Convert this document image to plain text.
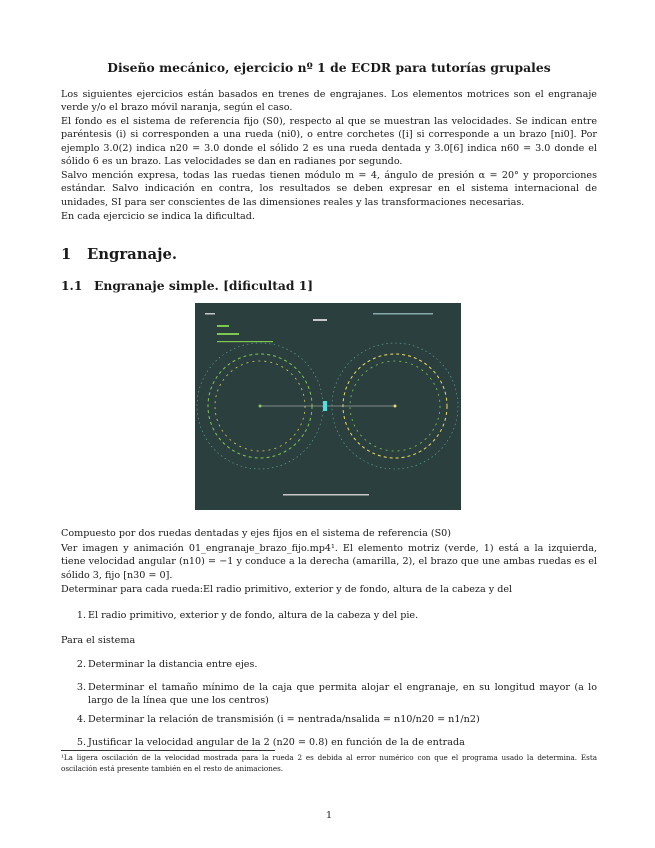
Diseño mecánico, ejercicio nº 1 de ECDR para tutorías grupales

Los siguientes ejercicios están basados en trenes de engrajanes. Los elementos motrices son el engranaje verde y/o el brazo móvil naranja, según el caso.

El fondo es el sistema de referencia fijo (S0), respecto al que se muestran las velocidades. Se indican entre paréntesis (i) si corresponden a una rueda (ni0), o entre corchetes ([i] si corresponde a un brazo [ni0]. Por ejemplo 3.0(2) indica n20 = 3.0 donde el sólido 2 es una rueda dentada y 3.0[6] indica n60 = 3.0 donde el sólido 6 es un brazo. Las velocidades se dan en radianes por segundo.

Salvo mención expresa, todas las ruedas tienen módulo m = 4, ángulo de presión α = 20° y proporciones estándar. Salvo indicación en contra, los resultados se deben expresar en el sistema internacional de unidades, SI para ser conscientes de las dimensiones reales y las transformaciones necesarias.

En cada ejercicio se indica la dificultad.

1 Engranaje.
1.1 Engranaje simple. [dificultad 1]

Compuesto por dos ruedas dentadas y ejes fijos en el sistema de referencia (S0)

Ver imagen y animación 01_engranaje_brazo_fijo.mp4¹. El elemento motriz (verde, 1) está a la izquierda, tiene velocidad angular (n10) = −1 y conduce a la derecha (amarilla, 2), el brazo que une ambas ruedas es el sólido 3, fijo [n30 = 0].

Determinar para cada rueda:El radio primitivo, exterior y de fondo, altura de la cabeza y del

1. El radio primitivo, exterior y de fondo, altura de la cabeza y del pie.

Para el sistema

2. Determinar la distancia entre ejes.
3. Determinar el tamaño mínimo de la caja que permita alojar el engranaje, en su longitud mayor (a lo largo de la línea que une los centros)
4. Determinar la relación de transmisión (i = nentrada/nsalida = n10/n20 = n1/n2)
5. Justificar la velocidad angular de la 2 (n20 = 0.8) en función de la de entrada
¹La ligera oscilación de la velocidad mostrada para la rueda 2 es debida al error numérico con que el programa usado la determina. Esta oscilación está presente también en el resto de animaciones.
1
